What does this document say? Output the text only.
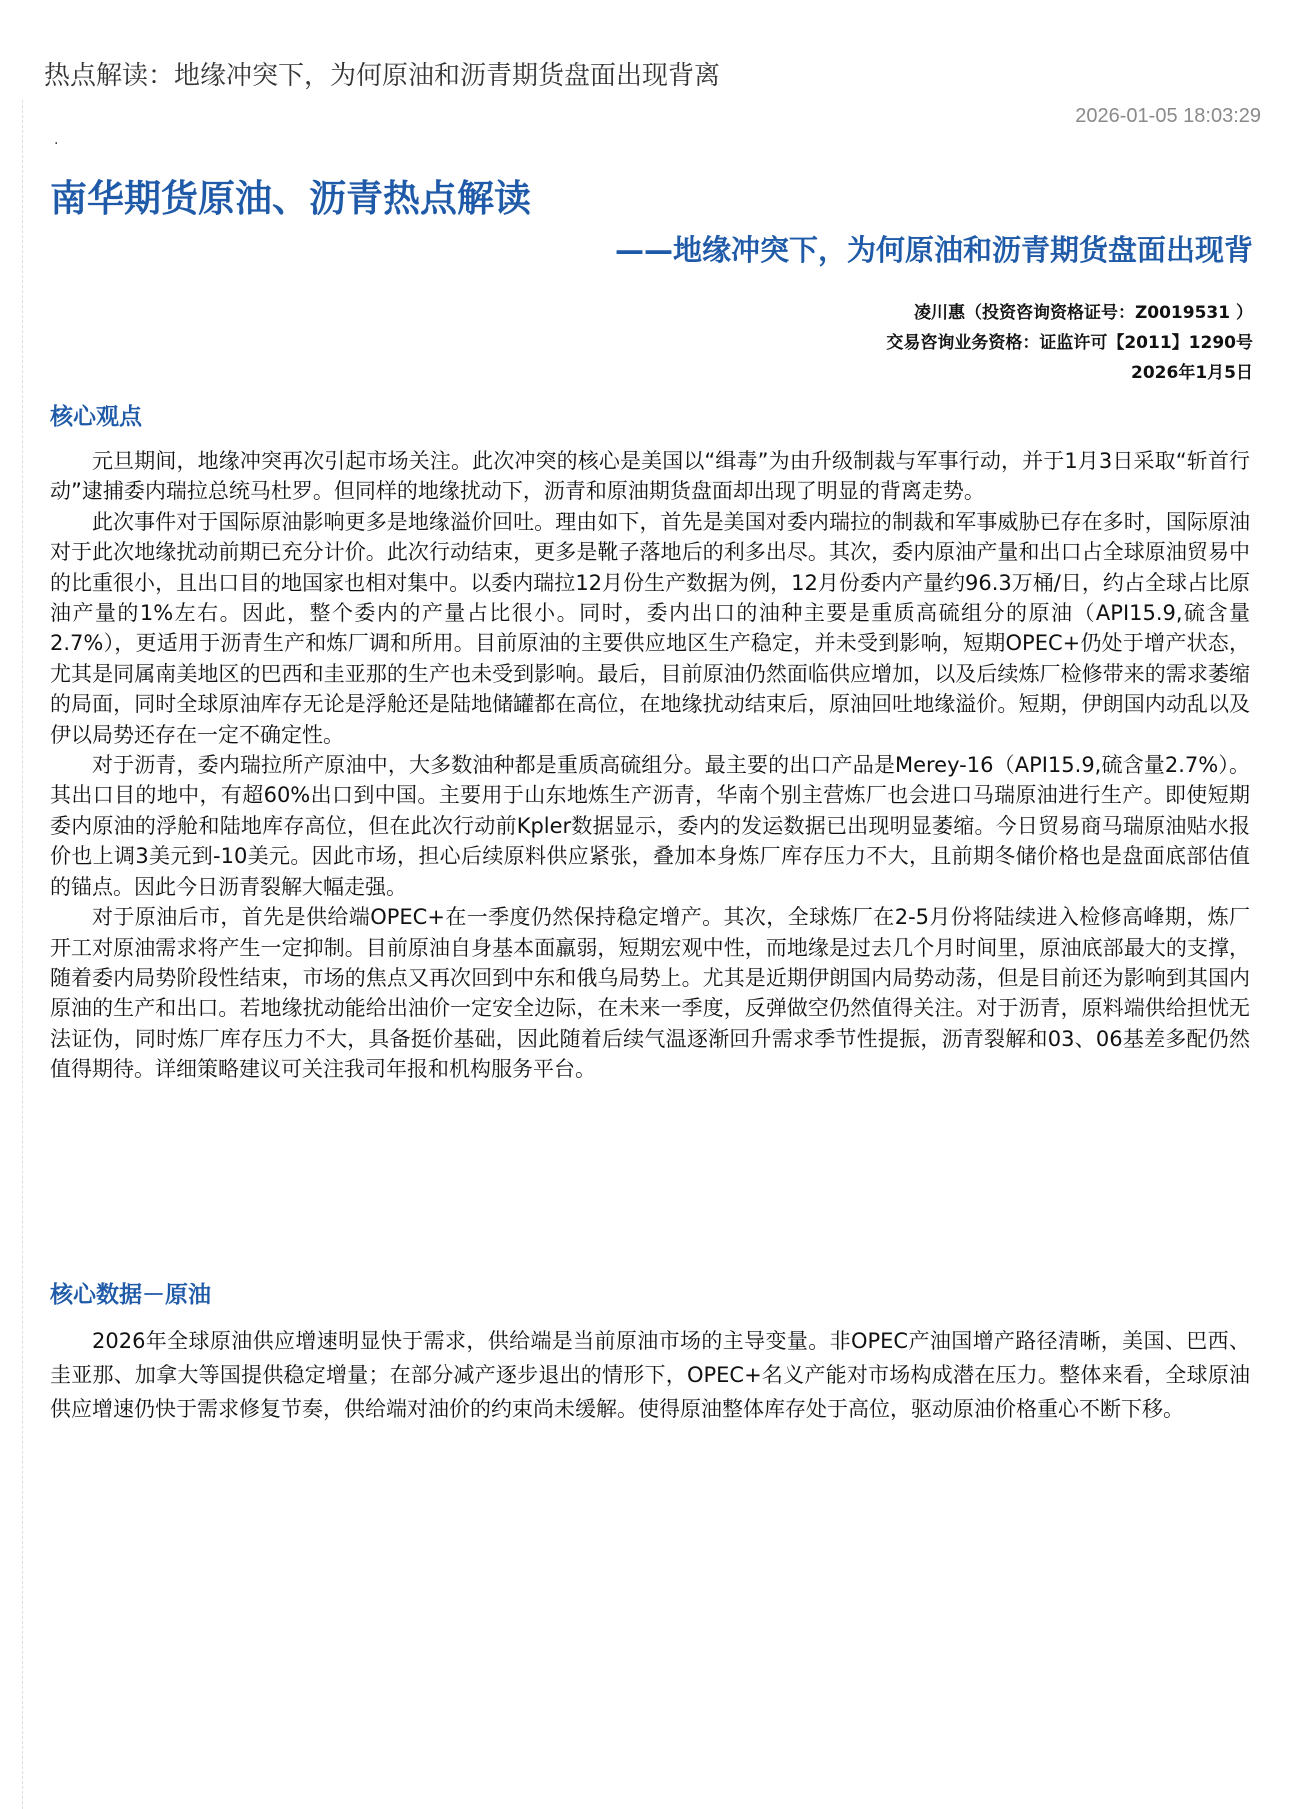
热点解读：地缘冲突下，为何原油和沥青期货盘面出现背离
2026-01-05 18:03:29
.
南华期货原油、沥青热点解读
——地缘冲突下，为何原油和沥青期货盘面出现背
凌川惠（投资咨询资格证号：Z0019531 ）
交易咨询业务资格：证监许可【2011】1290号
2026年1月5日
核心观点

元旦期间，地缘冲突再次引起市场关注。此次冲突的核心是美国以“缉毒”为由升级制裁与军事行动，并于1月3日采取“斩首行动”逮捕委内瑞拉总统马杜罗。但同样的地缘扰动下，沥青和原油期货盘面却出现了明显的背离走势。

此次事件对于国际原油影响更多是地缘溢价回吐。理由如下，首先是美国对委内瑞拉的制裁和军事威胁已存在多时，国际原油对于此次地缘扰动前期已充分计价。此次行动结束，更多是靴子落地后的利多出尽。其次，委内原油产量和出口占全球原油贸易中的比重很小，且出口目的地国家也相对集中。以委内瑞拉12月份生产数据为例，12月份委内产量约96.3万桶/日，约占全球占比原油产量的1%左右。因此，整个委内的产量占比很小。同时，委内出口的油种主要是重质高硫组分的原油（API15.9,硫含量2.7%），更适用于沥青生产和炼厂调和所用。目前原油的主要供应地区生产稳定，并未受到影响，短期OPEC+仍处于增产状态，尤其是同属南美地区的巴西和圭亚那的生产也未受到影响。最后，目前原油仍然面临供应增加，以及后续炼厂检修带来的需求萎缩的局面，同时全球原油库存无论是浮舱还是陆地储罐都在高位，在地缘扰动结束后，原油回吐地缘溢价。短期，伊朗国内动乱以及伊以局势还存在一定不确定性。

对于沥青，委内瑞拉所产原油中，大多数油种都是重质高硫组分。最主要的出口产品是Merey-16（API15.9,硫含量2.7%）。其出口目的地中，有超60%出口到中国。主要用于山东地炼生产沥青，华南个别主营炼厂也会进口马瑞原油进行生产。即使短期委内原油的浮舱和陆地库存高位，但在此次行动前Kpler数据显示，委内的发运数据已出现明显萎缩。今日贸易商马瑞原油贴水报价也上调3美元到-10美元。因此市场，担心后续原料供应紧张，叠加本身炼厂库存压力不大，且前期冬储价格也是盘面底部估值的锚点。因此今日沥青裂解大幅走强。

对于原油后市，首先是供给端OPEC+在一季度仍然保持稳定增产。其次，全球炼厂在2-5月份将陆续进入检修高峰期，炼厂开工对原油需求将产生一定抑制。目前原油自身基本面羸弱，短期宏观中性，而地缘是过去几个月时间里，原油底部最大的支撑，随着委内局势阶段性结束，市场的焦点又再次回到中东和俄乌局势上。尤其是近期伊朗国内局势动荡，但是目前还为影响到其国内原油的生产和出口。若地缘扰动能给出油价一定安全边际，在未来一季度，反弹做空仍然值得关注。对于沥青，原料端供给担忧无法证伪，同时炼厂库存压力不大，具备挺价基础，因此随着后续气温逐渐回升需求季节性提振，沥青裂解和03、06基差多配仍然值得期待。详细策略建议可关注我司年报和机构服务平台。

核心数据－原油

2026年全球原油供应增速明显快于需求，供给端是当前原油市场的主导变量。非OPEC产油国增产路径清晰，美国、巴西、圭亚那、加拿大等国提供稳定增量；在部分减产逐步退出的情形下，OPEC+名义产能对市场构成潜在压力。整体来看，全球原油供应增速仍快于需求修复节奏，供给端对油价的约束尚未缓解。使得原油整体库存处于高位，驱动原油价格重心不断下移。
